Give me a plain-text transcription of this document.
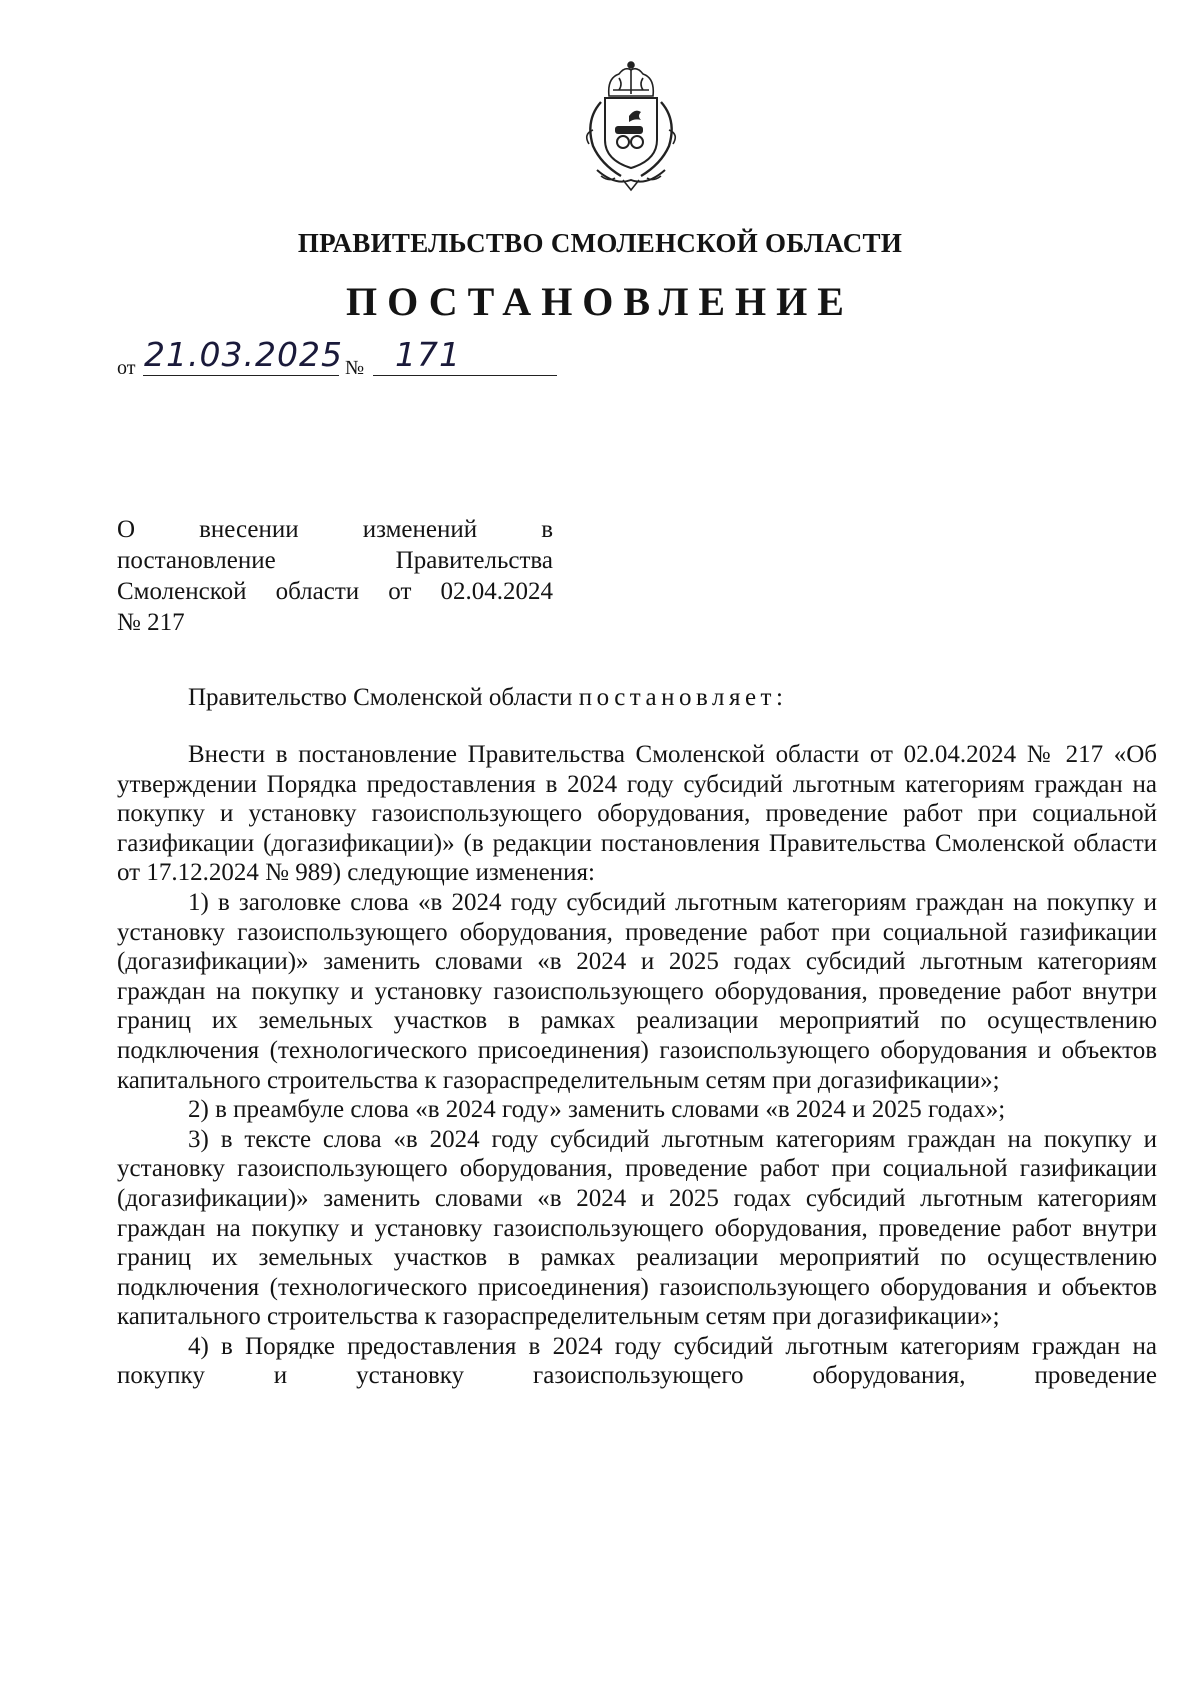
ПРАВИТЕЛЬСТВО СМОЛЕНСКОЙ ОБЛАСТИ
ПОСТАНОВЛЕНИЕ
от 21.03.2025 № 171
О внесении изменений в
постановление Правительства
Смоленской области от 02.04.2024
№ 217
Правительство Смоленской области постановляет:

Внести в постановление Правительства Смоленской области от 02.04.2024 № 217 «Об утверждении Порядка предоставления в 2024 году субсидий льготным категориям граждан на покупку и установку газоиспользующего оборудования, проведение работ при социальной газификации (догазификации)» (в редакции постановления Правительства Смоленской области от 17.12.2024 № 989) следующие изменения:

1) в заголовке слова «в 2024 году субсидий льготным категориям граждан на покупку и установку газоиспользующего оборудования, проведение работ при социальной газификации (догазификации)» заменить словами «в 2024 и 2025 годах субсидий льготным категориям граждан на покупку и установку газоиспользующего оборудования, проведение работ внутри границ их земельных участков в рамках реализации мероприятий по осуществлению подключения (технологического присоединения) газоиспользующего оборудования и объектов капитального строительства к газораспределительным сетям при догазификации»;

2) в преамбуле слова «в 2024 году» заменить словами «в 2024 и 2025 годах»;

3) в тексте слова «в 2024 году субсидий льготным категориям граждан на покупку и установку газоиспользующего оборудования, проведение работ при социальной газификации (догазификации)» заменить словами «в 2024 и 2025 годах субсидий льготным категориям граждан на покупку и установку газоиспользующего оборудования, проведение работ внутри границ их земельных участков в рамках реализации мероприятий по осуществлению подключения (технологического присоединения) газоиспользующего оборудования и объектов капитального строительства к газораспределительным сетям при догазификации»;

4) в Порядке предоставления в 2024 году субсидий льготным категориям граждан на покупку и установку газоиспользующего оборудования, проведение
